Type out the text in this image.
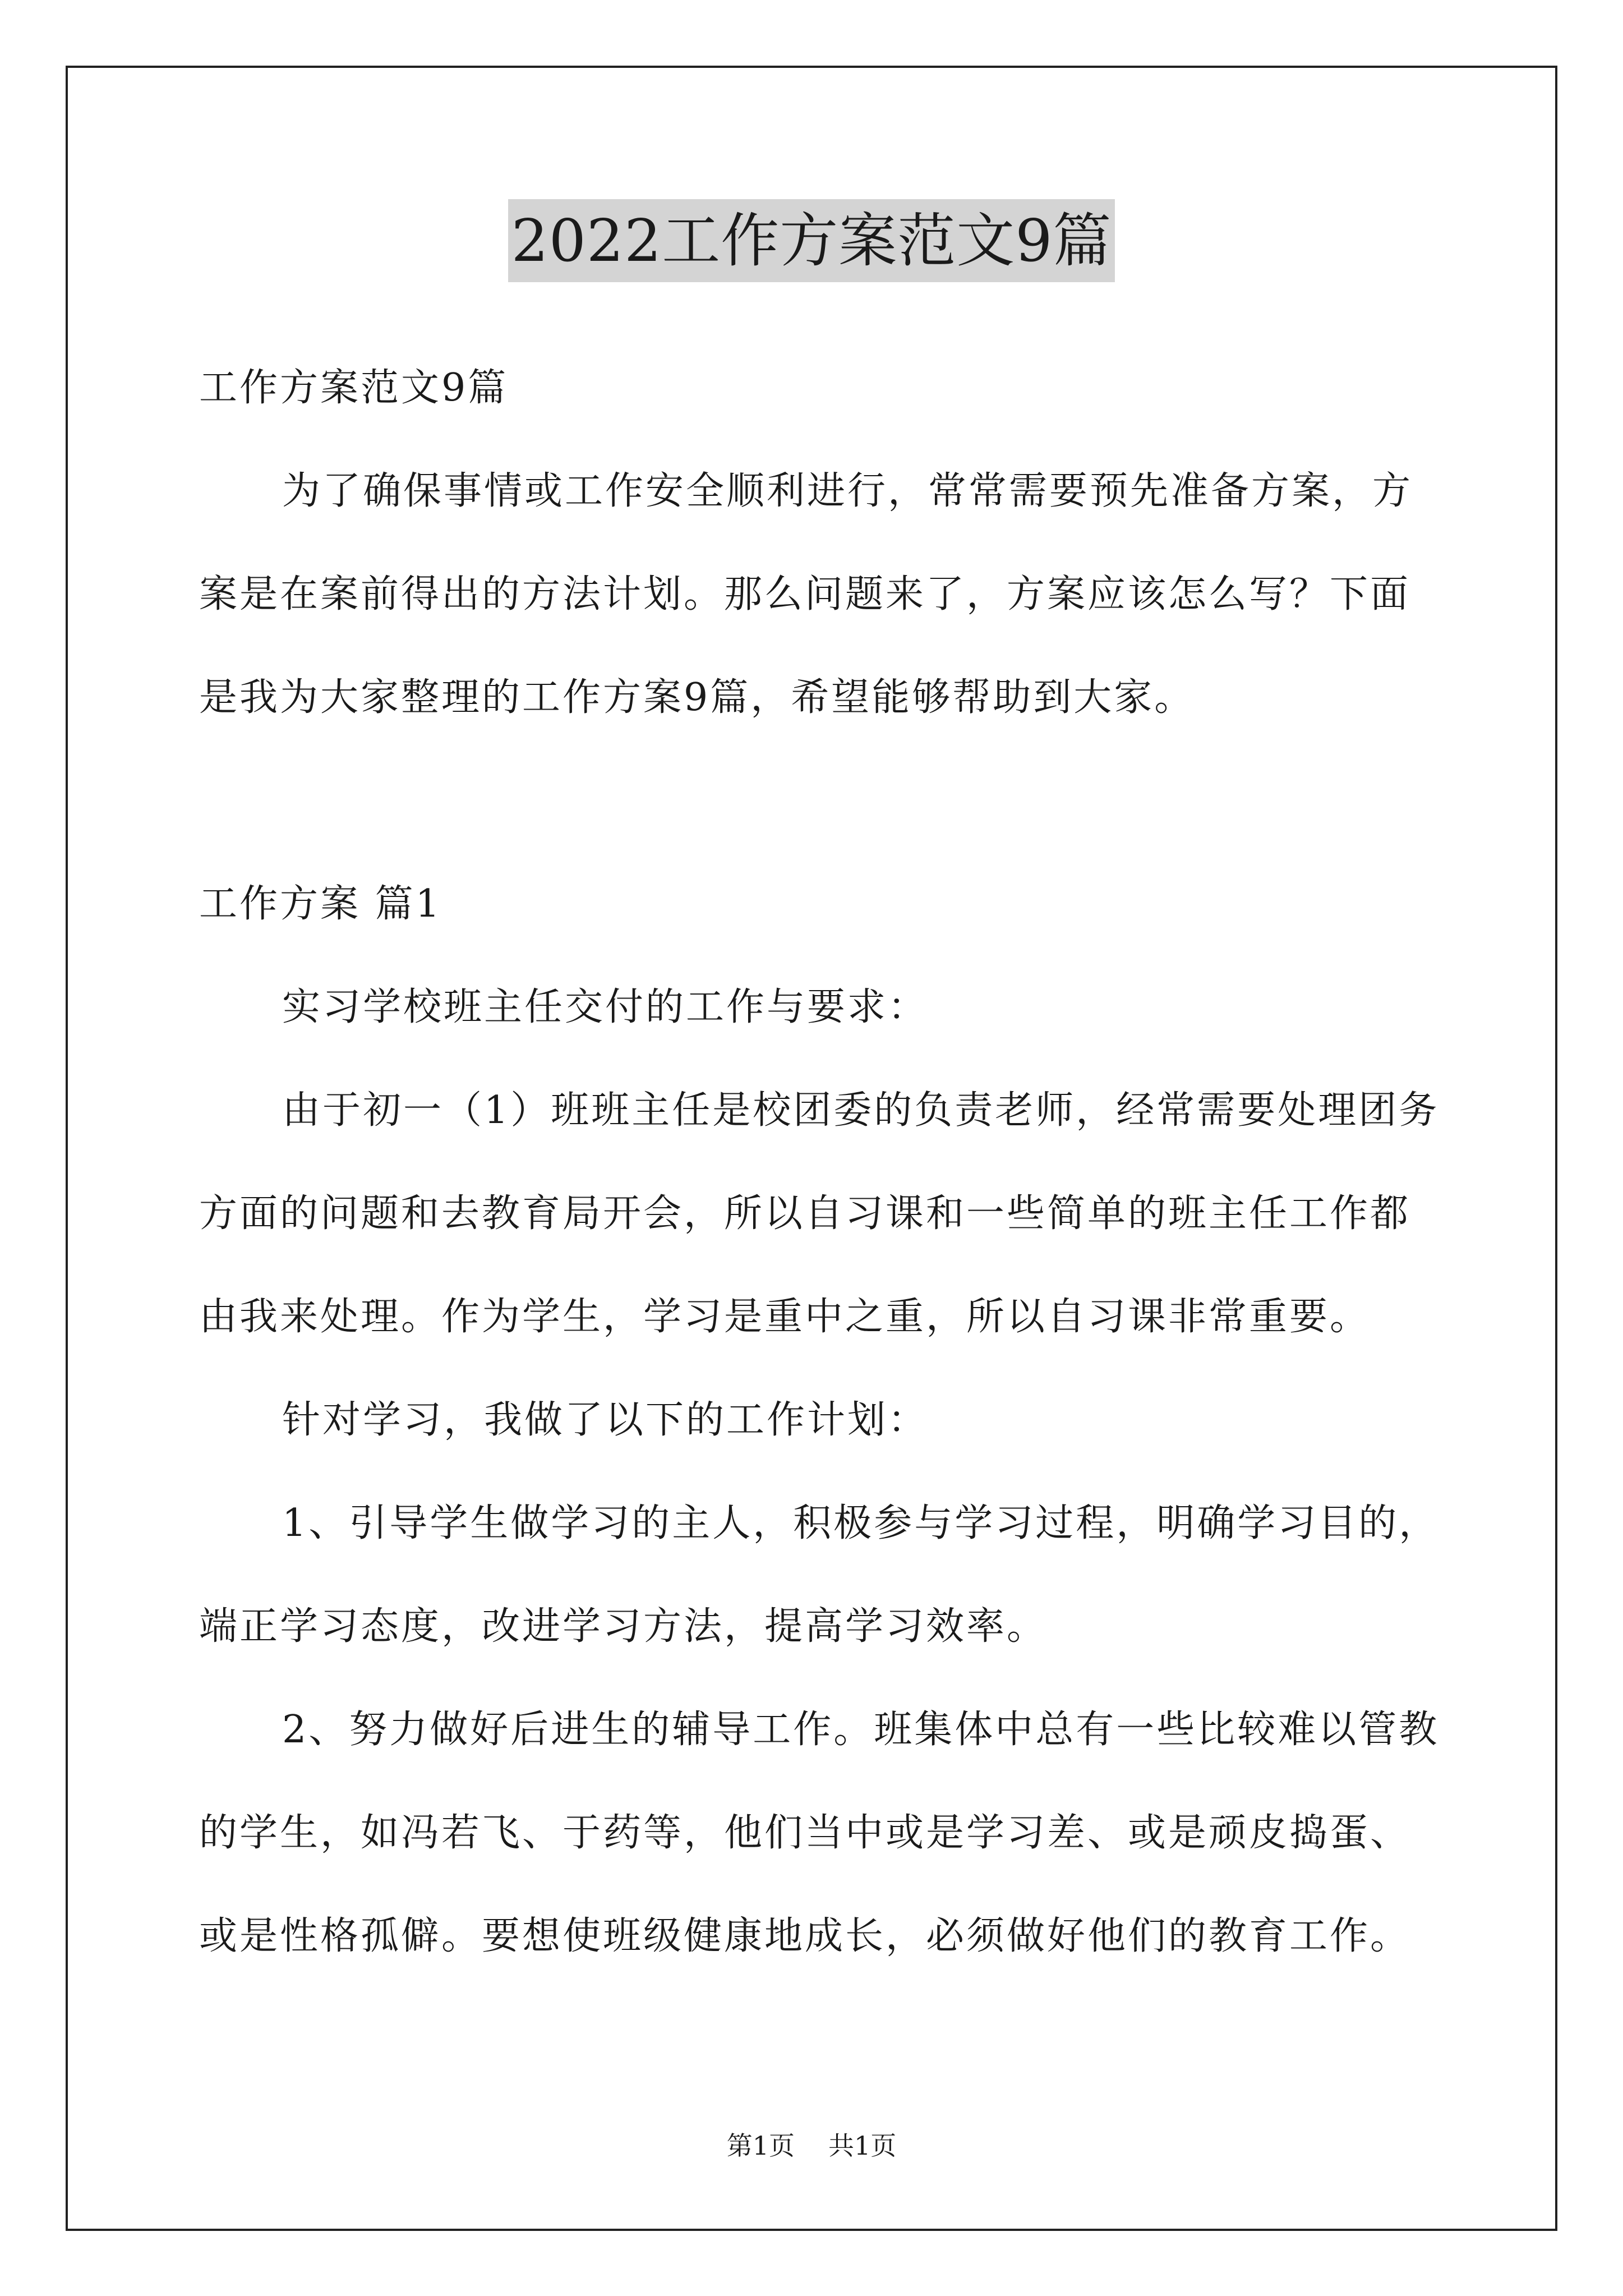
2022工作方案范文9篇

工作方案范文9篇

为了确保事情或工作安全顺利进行，常常需要预先准备方案，方

案是在案前得出的方法计划。那么问题来了，方案应该怎么写？下面

是我为大家整理的工作方案9篇，希望能够帮助到大家。

工作方案 篇1

实习学校班主任交付的工作与要求：

由于初一（1）班班主任是校团委的负责老师，经常需要处理团务

方面的问题和去教育局开会，所以自习课和一些简单的班主任工作都

由我来处理。作为学生，学习是重中之重，所以自习课非常重要。

针对学习，我做了以下的工作计划：

1、引导学生做学习的主人，积极参与学习过程，明确学习目的，

端正学习态度，改进学习方法，提高学习效率。

2、努力做好后进生的辅导工作。班集体中总有一些比较难以管教

的学生，如冯若飞、于药等，他们当中或是学习差、或是顽皮捣蛋、

或是性格孤僻。要想使班级健康地成长，必须做好他们的教育工作。

第1页 共1页
